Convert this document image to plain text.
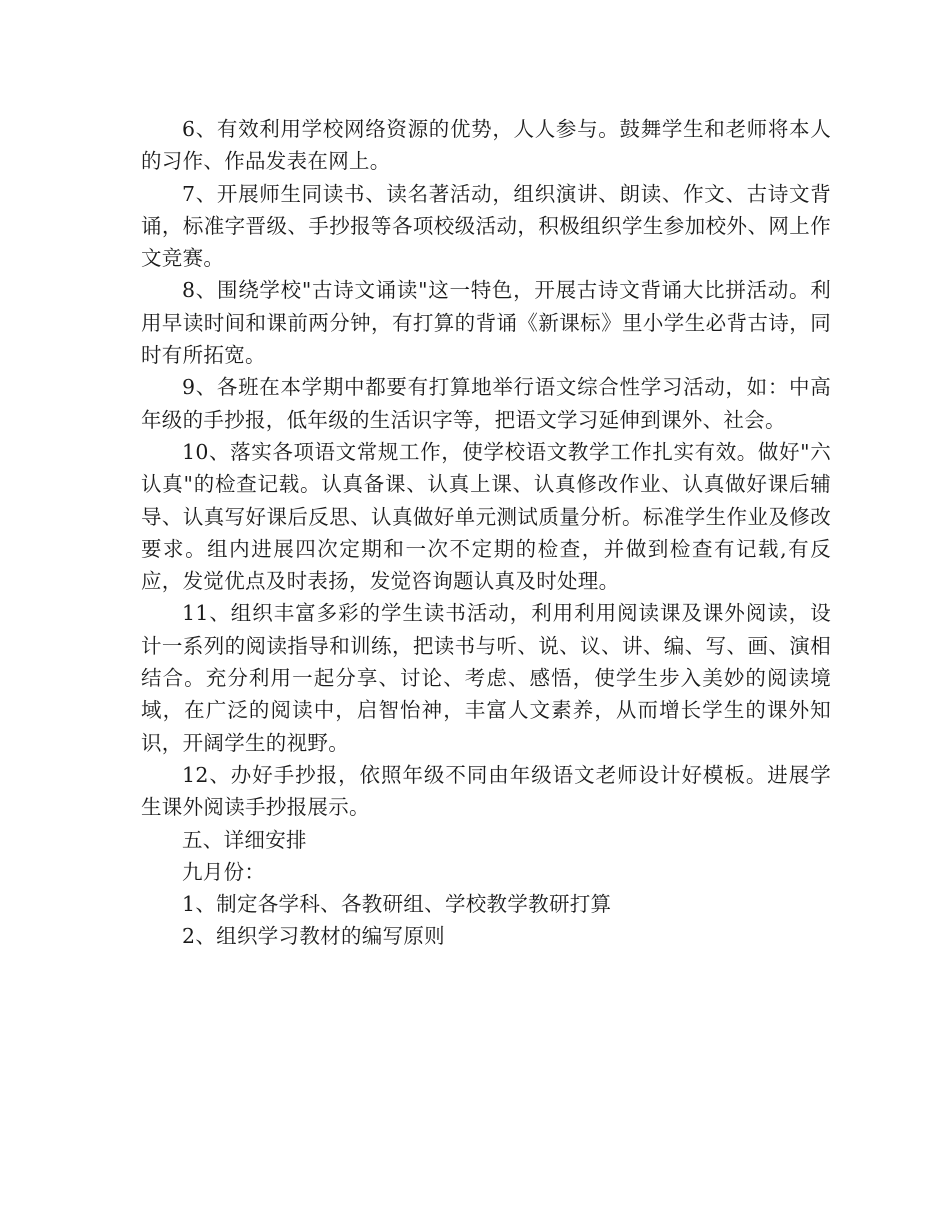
6、有效利用学校网络资源的优势，人人参与。鼓舞学生和老师将本人的习作、作品发表在网上。

7、开展师生同读书、读名著活动，组织演讲、朗读、作文、古诗文背诵，标准字晋级、手抄报等各项校级活动，积极组织学生参加校外、网上作文竞赛。

8、围绕学校"古诗文诵读"这一特色，开展古诗文背诵大比拼活动。利用早读时间和课前两分钟，有打算的背诵《新课标》里小学生必背古诗，同时有所拓宽。

9、各班在本学期中都要有打算地举行语文综合性学习活动，如：中高年级的手抄报，低年级的生活识字等，把语文学习延伸到课外、社会。

10、落实各项语文常规工作，使学校语文教学工作扎实有效。做好"六认真"的检查记载。认真备课、认真上课、认真修改作业、认真做好课后辅导、认真写好课后反思、认真做好单元测试质量分析。标准学生作业及修改要求。组内进展四次定期和一次不定期的检查，并做到检查有记载,有反应，发觉优点及时表扬，发觉咨询题认真及时处理。

11、组织丰富多彩的学生读书活动，利用利用阅读课及课外阅读，设计一系列的阅读指导和训练，把读书与听、说、议、讲、编、写、画、演相结合。充分利用一起分享、讨论、考虑、感悟，使学生步入美妙的阅读境域，在广泛的阅读中，启智怡神，丰富人文素养，从而增长学生的课外知识，开阔学生的视野。

12、办好手抄报，依照年级不同由年级语文老师设计好模板。进展学生课外阅读手抄报展示。

五、详细安排

九月份：

1、制定各学科、各教研组、学校教学教研打算

2、组织学习教材的编写原则
